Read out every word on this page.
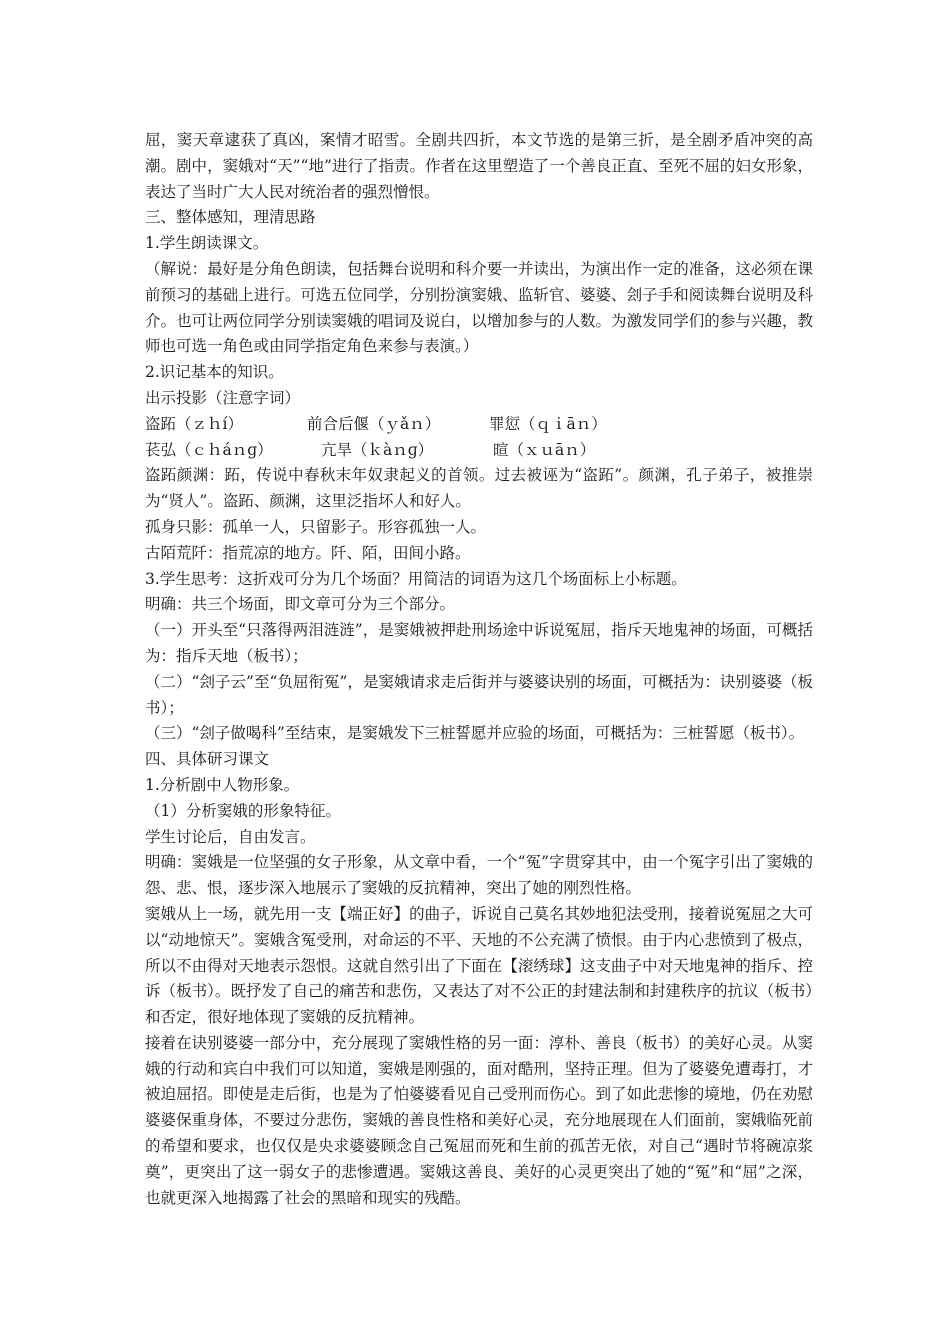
屈，窦天章逮获了真凶，案情才昭雪。全剧共四折，本文节选的是第三折，是全剧矛盾冲突的高潮。剧中，窦娥对“天”“地”进行了指责。作者在这里塑造了一个善良正直、至死不屈的妇女形象，表达了当时广大人民对统治者的强烈憎恨。

三、整体感知，理清思路

1.学生朗读课文。

（解说：最好是分角色朗读，包括舞台说明和科介要一并读出，为演出作一定的准备，这必须在课前预习的基础上进行。可选五位同学，分别扮演窦娥、监斩官、婆婆、刽子手和阅读舞台说明及科介。也可让两位同学分别读窦娥的唱词及说白，以增加参与的人数。为激发同学们的参与兴趣，教师也可选一角色或由同学指定角色来参与表演。）

2.识记基本的知识。

出示投影（注意字词）

盗跖（ｚｈí）	前合后偃（ｙǎｎ）	罪愆（ｑｉāｎ）
苌弘（ｃｈáｎɡ）	亢旱（ｋàｎɡ）	暄（ｘｕāｎ）

盗跖颜渊：跖，传说中春秋末年奴隶起义的首领。过去被诬为“盗跖”。颜渊，孔子弟子，被推崇为“贤人”。盗跖、颜渊，这里泛指坏人和好人。

孤身只影：孤单一人，只留影子。形容孤独一人。

古陌荒阡：指荒凉的地方。阡、陌，田间小路。

3.学生思考：这折戏可分为几个场面？用简洁的词语为这几个场面标上小标题。

明确：共三个场面，即文章可分为三个部分。

（一）开头至“只落得两泪涟涟”，是窦娥被押赴刑场途中诉说冤屈，指斥天地鬼神的场面，可概括为：指斥天地（板书）；

（二）“刽子云”至“负屈衔冤”，是窦娥请求走后街并与婆婆诀别的场面，可概括为：诀别婆婆（板书）；

（三）“刽子做喝科”至结束，是窦娥发下三桩誓愿并应验的场面，可概括为：三桩誓愿（板书）。

四、具体研习课文

1.分析剧中人物形象。

（1）分析窦娥的形象特征。

学生讨论后，自由发言。

明确：窦娥是一位坚强的女子形象，从文章中看，一个“冤”字贯穿其中，由一个冤字引出了窦娥的怨、悲、恨，逐步深入地展示了窦娥的反抗精神，突出了她的刚烈性格。

窦娥从上一场，就先用一支【端正好】的曲子，诉说自己莫名其妙地犯法受刑，接着说冤屈之大可以“动地惊天”。窦娥含冤受刑，对命运的不平、天地的不公充满了愤恨。由于内心悲愤到了极点，所以不由得对天地表示怨恨。这就自然引出了下面在【滚绣球】这支曲子中对天地鬼神的指斥、控诉（板书）。既抒发了自己的痛苦和悲伤，又表达了对不公正的封建法制和封建秩序的抗议（板书）和否定，很好地体现了窦娥的反抗精神。

接着在诀别婆婆一部分中，充分展现了窦娥性格的另一面：淳朴、善良（板书）的美好心灵。从窦娥的行动和宾白中我们可以知道，窦娥是刚强的，面对酷刑，坚持正理。但为了婆婆免遭毒打，才被迫屈招。即使是走后街，也是为了怕婆婆看见自己受刑而伤心。到了如此悲惨的境地，仍在劝慰婆婆保重身体，不要过分悲伤，窦娥的善良性格和美好心灵，充分地展现在人们面前，窦娥临死前的希望和要求，也仅仅是央求婆婆顾念自己冤屈而死和生前的孤苦无依，对自己“遇时节将碗凉浆奠”，更突出了这一弱女子的悲惨遭遇。窦娥这善良、美好的心灵更突出了她的“冤”和“屈”之深，也就更深入地揭露了社会的黑暗和现实的残酷。
